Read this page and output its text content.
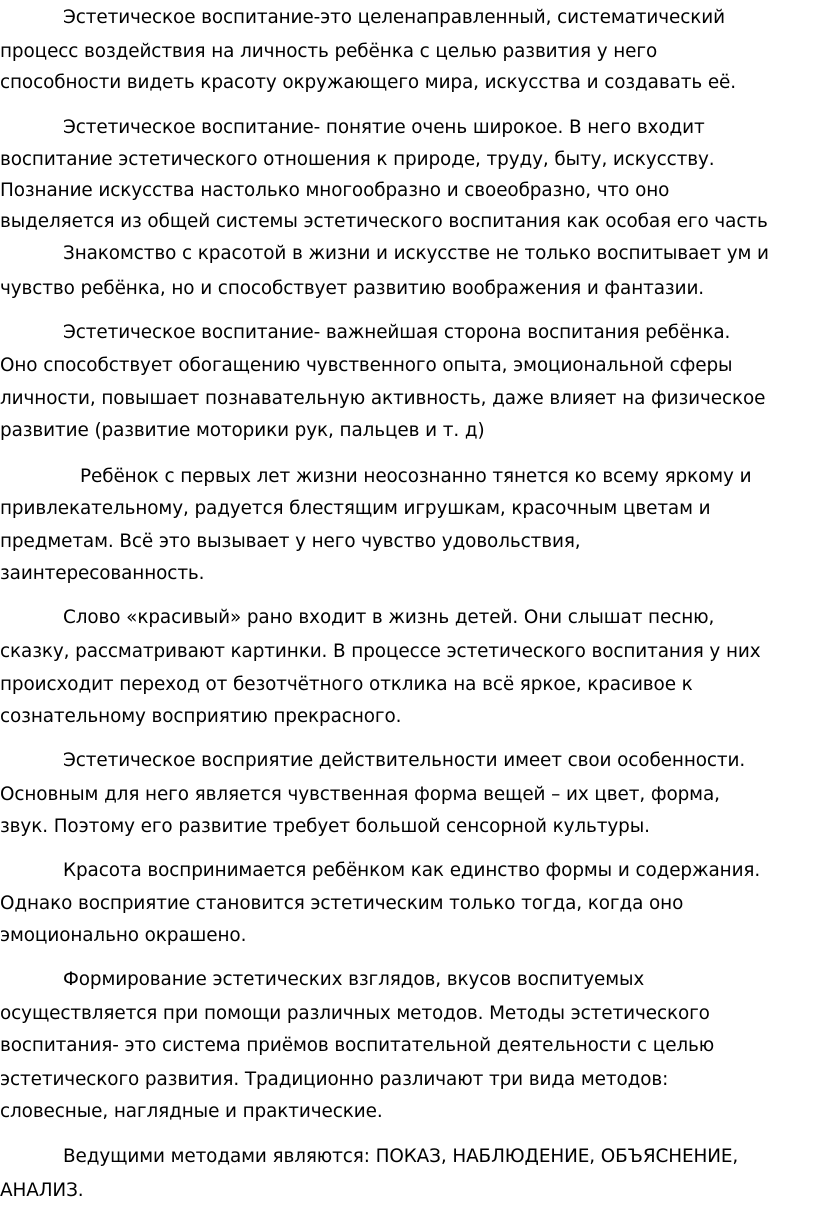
Эстетическое воспитание-это целенаправленный, систематический
процесс воздействия на личность ребёнка с целью развития у него
способности видеть красоту окружающего мира, искусства и создавать её.
Эстетическое воспитание- понятие очень широкое. В него входит
воспитание эстетического отношения к природе, труду, быту, искусству.
Познание искусства настолько многообразно и своеобразно, что оно
выделяется из общей системы эстетического воспитания как особая его часть
Знакомство с красотой в жизни и искусстве не только воспитывает ум и
чувство ребёнка, но и способствует развитию воображения и фантазии.
Эстетическое воспитание- важнейшая сторона воспитания ребёнка.
Оно способствует обогащению чувственного опыта, эмоциональной сферы
личности, повышает познавательную активность, даже влияет на физическое
развитие (развитие моторики рук, пальцев и т. д)
Ребёнок с первых лет жизни неосознанно тянется ко всему яркому и
привлекательному, радуется блестящим игрушкам, красочным цветам и
предметам. Всё это вызывает у него чувство удовольствия,
заинтересованность.
Слово «красивый» рано входит в жизнь детей. Они слышат песню,
сказку, рассматривают картинки. В процессе эстетического воспитания у них
происходит переход от безотчётного отклика на всё яркое, красивое к
сознательному восприятию прекрасного.
Эстетическое восприятие действительности имеет свои особенности.
Основным для него является чувственная форма вещей – их цвет, форма,
звук. Поэтому его развитие требует большой сенсорной культуры.
Красота воспринимается ребёнком как единство формы и содержания.
Однако восприятие становится эстетическим только тогда, когда оно
эмоционально окрашено.
Формирование эстетических взглядов, вкусов воспитуемых
осуществляется при помощи различных методов. Методы эстетического
воспитания- это система приёмов воспитательной деятельности с целью
эстетического развития. Традиционно различают три вида методов:
словесные, наглядные и практические.
Ведущими методами являются: ПОКАЗ, НАБЛЮДЕНИЕ, ОБЪЯСНЕНИЕ,
АНАЛИЗ.
